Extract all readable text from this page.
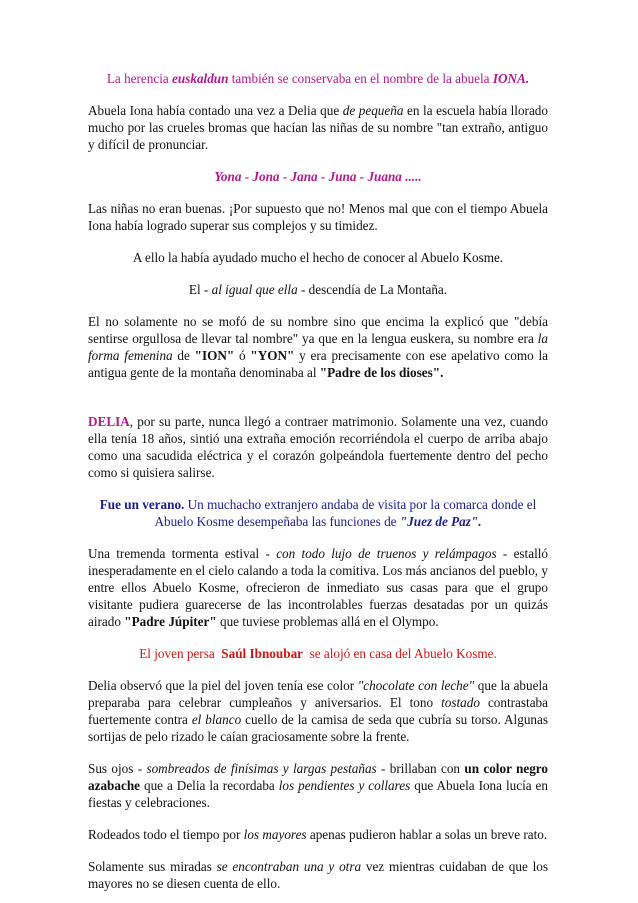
La herencia euskaldun también se conservaba en el nombre de la abuela IONA.

Abuela Iona había contado una vez a Delia que de pequeña en la escuela había llorado mucho por las crueles bromas que hacían las niñas de su nombre "tan extraño, antiguo y difícil de pronunciar.

Yona - Jona - Jana - Juna - Juana .....

Las niñas no eran buenas. ¡Por supuesto que no! Menos mal que con el tiempo Abuela Iona había logrado superar sus complejos y su timidez.

A ello la había ayudado mucho el hecho de conocer al Abuelo Kosme.

El - al igual que ella - descendía de La Montaña.

El no solamente no se mofó de su nombre sino que encima la explicó que "debía sentirse orgullosa de llevar tal nombre" ya que en la lengua euskera, su nombre era la forma femenina de "ION" ó "YON" y era precisamente con ese apelativo como la antigua gente de la montaña denominaba al "Padre de los dioses".

DELIA, por su parte, nunca llegó a contraer matrimonio. Solamente una vez, cuando ella tenía 18 años, sintió una extraña emoción recorriéndola el cuerpo de arriba abajo como una sacudida eléctrica y el corazón golpeándola fuertemente dentro del pecho como si quisiera salirse.

Fue un verano. Un muchacho extranjero andaba de visita por la comarca donde el Abuelo Kosme desempeñaba las funciones de "Juez de Paz".

Una tremenda tormenta estival - con todo lujo de truenos y relámpagos - estalló inesperadamente en el cielo calando a toda la comitiva. Los más ancianos del pueblo, y entre ellos Abuelo Kosme, ofrecieron de inmediato sus casas para que el grupo visitante pudiera guarecerse de las incontrolables fuerzas desatadas por un quizás airado "Padre Júpiter" que tuviese problemas allá en el Olympo.

El joven persa  Saúl Ibnoubar  se alojó en casa del Abuelo Kosme.

Delia observó que la piel del joven tenía ese color "chocolate con leche" que la abuela preparaba para celebrar cumpleaños y aniversarios. El tono tostado contrastaba fuertemente contra el blanco cuello de la camisa de seda que cubría su torso. Algunas sortijas de pelo rizado le caían graciosamente sobre la frente.

Sus ojos - sombreados de finísimas y largas pestañas - brillaban con un color negro azabache que a Delia la recordaba los pendientes y collares que Abuela Iona lucía en fiestas y celebraciones.

Rodeados todo el tiempo por los mayores apenas pudieron hablar a solas un breve rato.

Solamente sus miradas se encontraban una y otra vez mientras cuidaban de que los mayores no se diesen cuenta de ello.
